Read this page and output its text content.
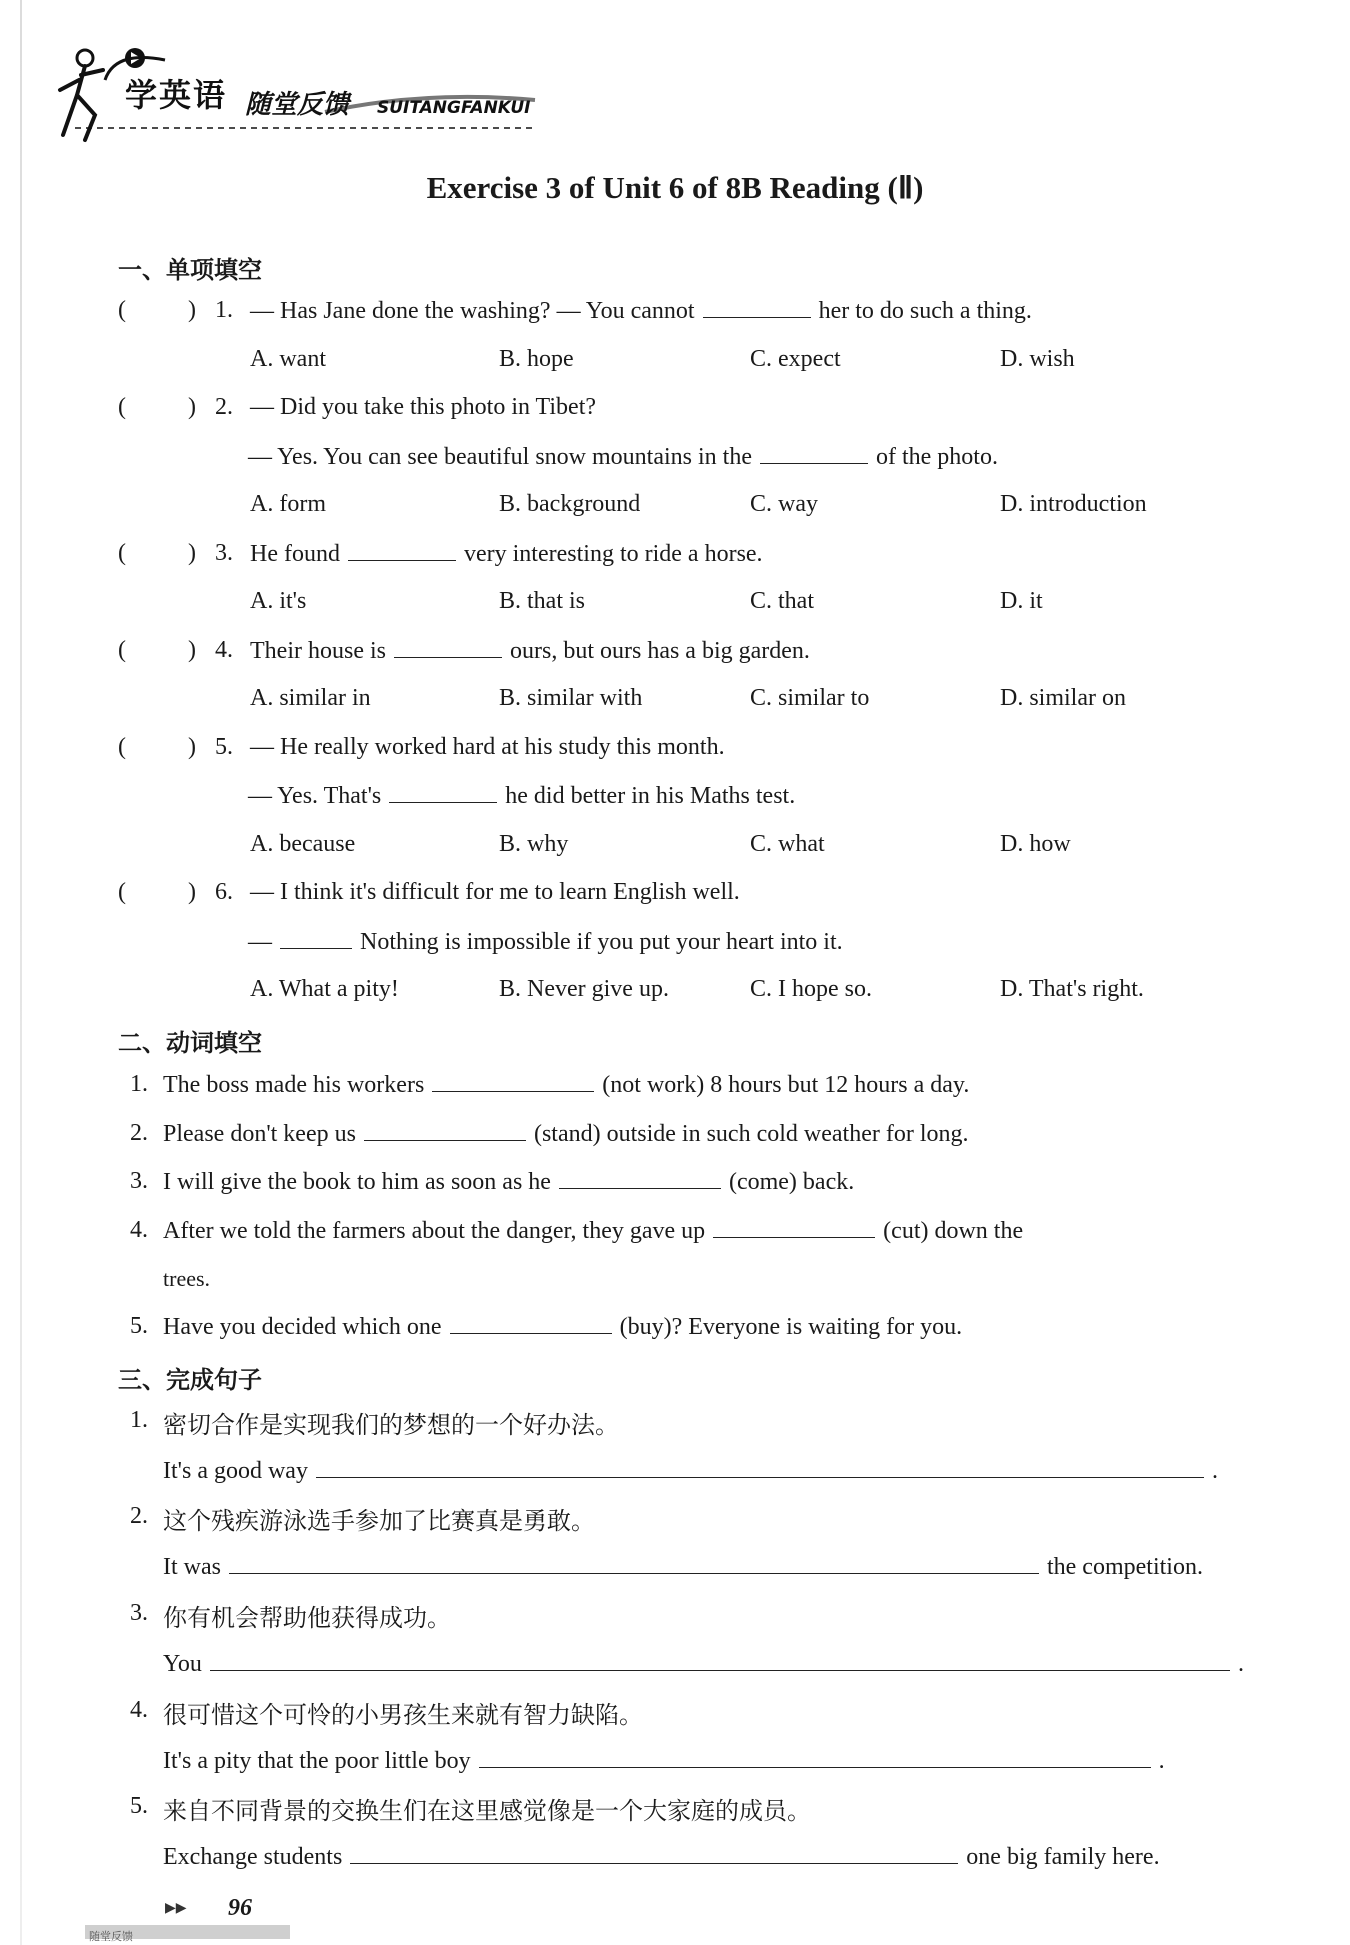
学英语 随堂反馈 SUITANGFANKUI
Exercise 3 of Unit 6 of 8B Reading (Ⅱ)
一、单项填空
(	) 1. — Has Jane done the washing? — You cannot	her to do such a thing.
A. want	B. hope	C. expect	D. wish
(	) 2. — Did you take this photo in Tibet?
— Yes. You can see beautiful snow mountains in the	of the photo.
A. form	B. background	C. way	D. introduction
(	) 3. He found	very interesting to ride a horse.
A. it's	B. that is	C. that	D. it
(	) 4. Their house is	ours, but ours has a big garden.
A. similar in	B. similar with	C. similar to	D. similar on
(	) 5. — He really worked hard at his study this month.
— Yes. That's	he did better in his Maths test.
A. because	B. why	C. what	D. how
(	) 6. — I think it's difficult for me to learn English well.
—	Nothing is impossible if you put your heart into it.
A. What a pity!	B. Never give up.	C. I hope so.	D. That's right.
二、动词填空
1. The boss made his workers	(not work) 8 hours but 12 hours a day.
2. Please don't keep us	(stand) outside in such cold weather for long.
3. I will give the book to him as soon as he	(come) back.
4. After we told the farmers about the danger, they gave up	(cut) down the
trees.
5. Have you decided which one	(buy)? Everyone is waiting for you.
三、完成句子
1. 密切合作是实现我们的梦想的一个好办法。
It's a good way	.
2. 这个残疾游泳选手参加了比赛真是勇敢。
It was	the competition.
3. 你有机会帮助他获得成功。
You	.
4. 很可惜这个可怜的小男孩生来就有智力缺陷。
It's a pity that the poor little boy	.
5. 来自不同背景的交换生们在这里感觉像是一个大家庭的成员。
Exchange students	one big family here.
▶▶ 96
随堂反馈
